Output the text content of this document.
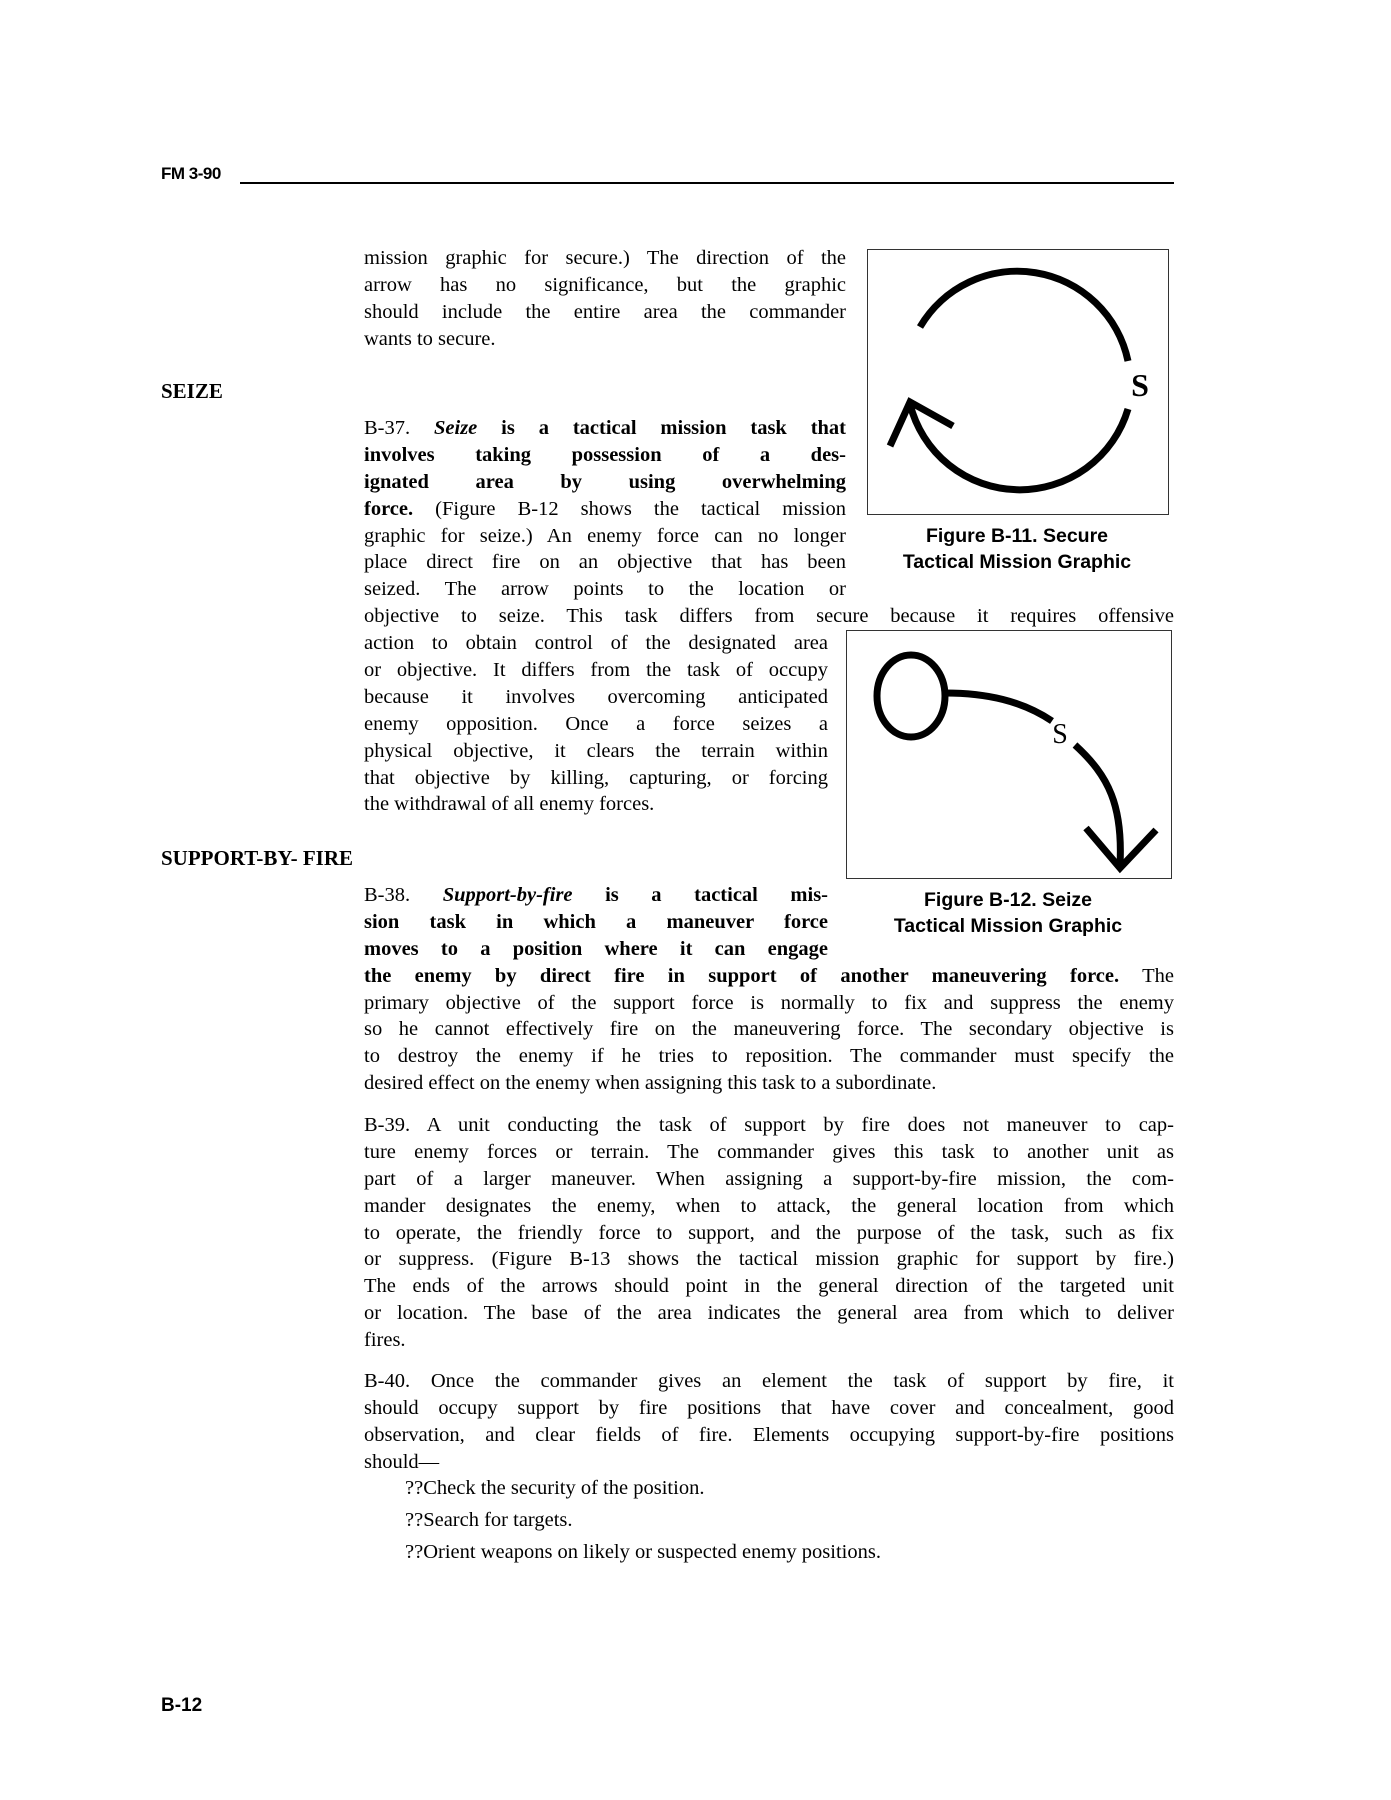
FM 3-90
mission graphic for secure.) The direction of the
arrow has no significance, but the graphic
should include the entire area the commander
wants to secure.
SEIZE
B-37. Seize is a tactical mission task that
involves taking possession of a des-
ignated area by using overwhelming
force. (Figure B-12 shows the tactical mission
graphic for seize.) An enemy force can no longer
place direct fire on an objective that has been
seized. The arrow points to the location or
objective to seize. This task differs from secure because it requires offensive
action to obtain control of the designated area
or objective. It differs from the task of occupy
because it involves overcoming anticipated
enemy opposition. Once a force seizes a
physical objective, it clears the terrain within
that objective by killing, capturing, or forcing
the withdrawal of all enemy forces.
SUPPORT-BY- FIRE
B-38. Support-by-fire is a tactical mis-
sion task in which a maneuver force
moves to a position where it can engage
the enemy by direct fire in support of another maneuvering force. The
primary objective of the support force is normally to fix and suppress the enemy
so he cannot effectively fire on the maneuvering force. The secondary objective is
to destroy the enemy if he tries to reposition. The commander must specify the
desired effect on the enemy when assigning this task to a subordinate.
B-39. A unit conducting the task of support by fire does not maneuver to cap-
ture enemy forces or terrain. The commander gives this task to another unit as
part of a larger maneuver. When assigning a support-by-fire mission, the com-
mander designates the enemy, when to attack, the general location from which
to operate, the friendly force to support, and the purpose of the task, such as fix
or suppress. (Figure B-13 shows the tactical mission graphic for support by fire.)
The ends of the arrows should point in the general direction of the targeted unit
or location. The base of the area indicates the general area from which to deliver
fires.
B-40. Once the commander gives an element the task of support by fire, it
should occupy support by fire positions that have cover and concealment, good
observation, and clear fields of fire. Elements occupying support-by-fire positions
should—
??Check the security of the position.
??Search for targets.
??Orient weapons on likely or suspected enemy positions.
S
Figure B-11. Secure
Tactical Mission Graphic
S
Figure B-12. Seize
Tactical Mission Graphic
B-12
